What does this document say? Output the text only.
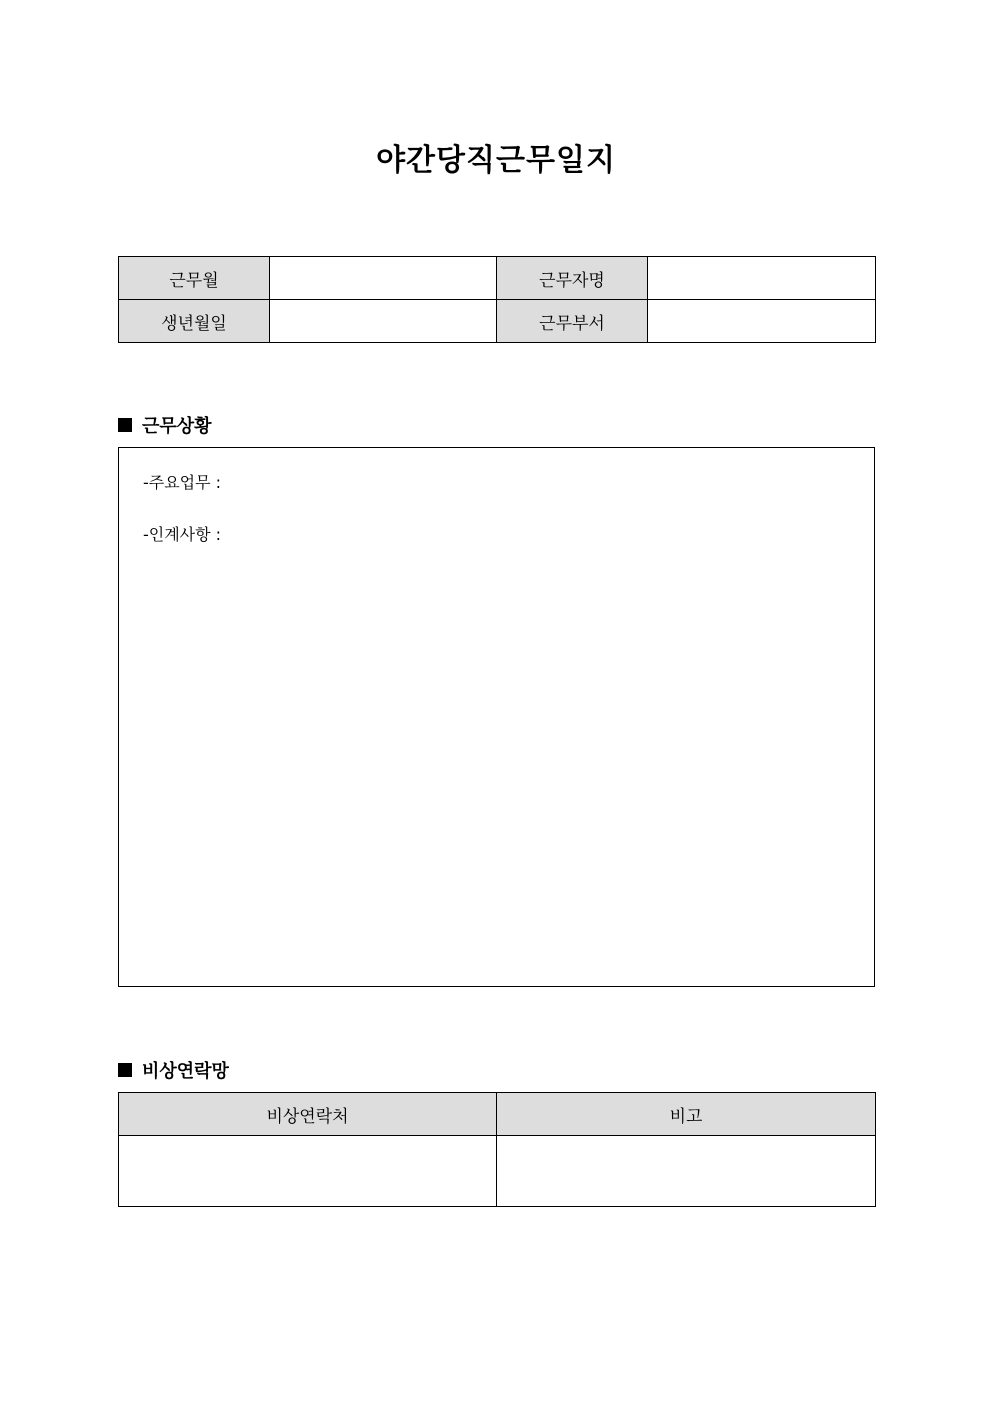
야간당직근무일지
근무월		근무자명	
생년월일		근무부서	
근무상황
-주요업무 :
-인계사항 :
비상연락망
비상연락처	비고
